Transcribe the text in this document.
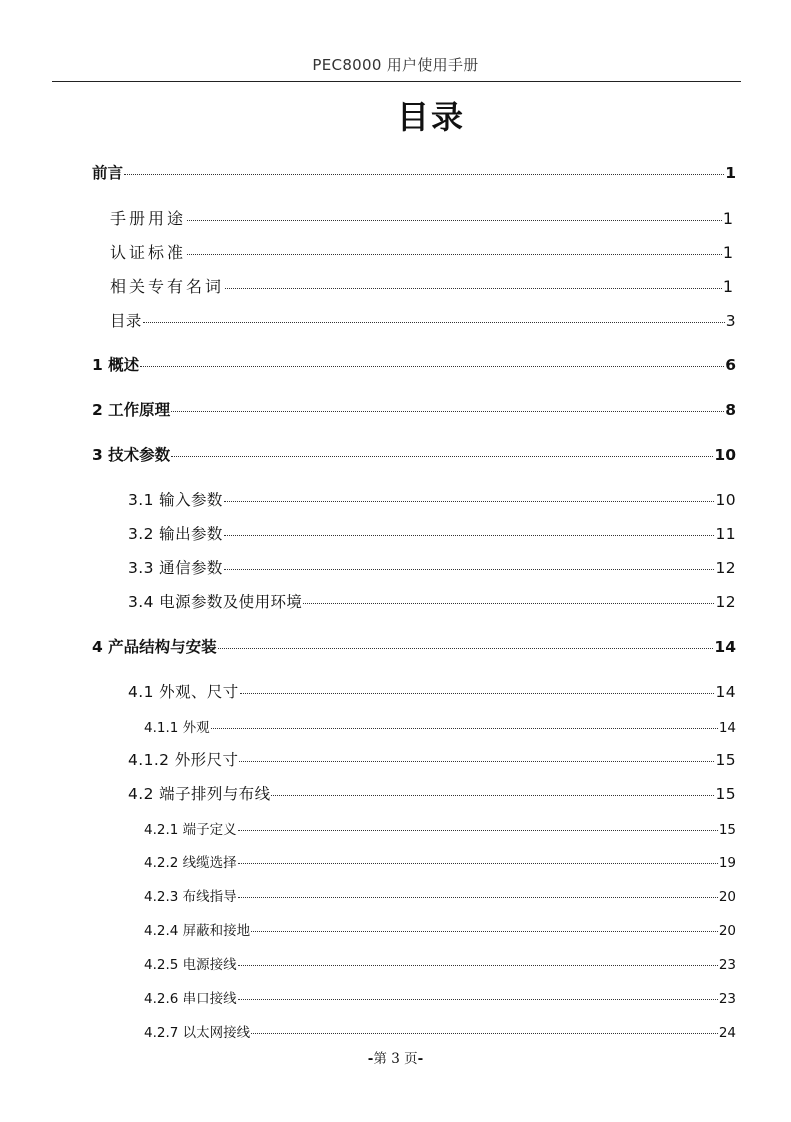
PEC8000 用户使用手册
目录
前言	1
手册用途	1
认证标准	1
相关专有名词	1
目录	3
1 概述	6
2 工作原理	8
3 技术参数	10
3.1 输入参数	10
3.2 输出参数	11
3.3 通信参数	12
3.4 电源参数及使用环境	12
4 产品结构与安装	14
4.1 外观、尺寸	14
4.1.1 外观	14
4.1.2 外形尺寸	15
4.2 端子排列与布线	15
4.2.1 端子定义	15
4.2.2 线缆选择	19
4.2.3 布线指导	20
4.2.4 屏蔽和接地	20
4.2.5 电源接线	23
4.2.6 串口接线	23
4.2.7 以太网接线	24
-第 3 页-
